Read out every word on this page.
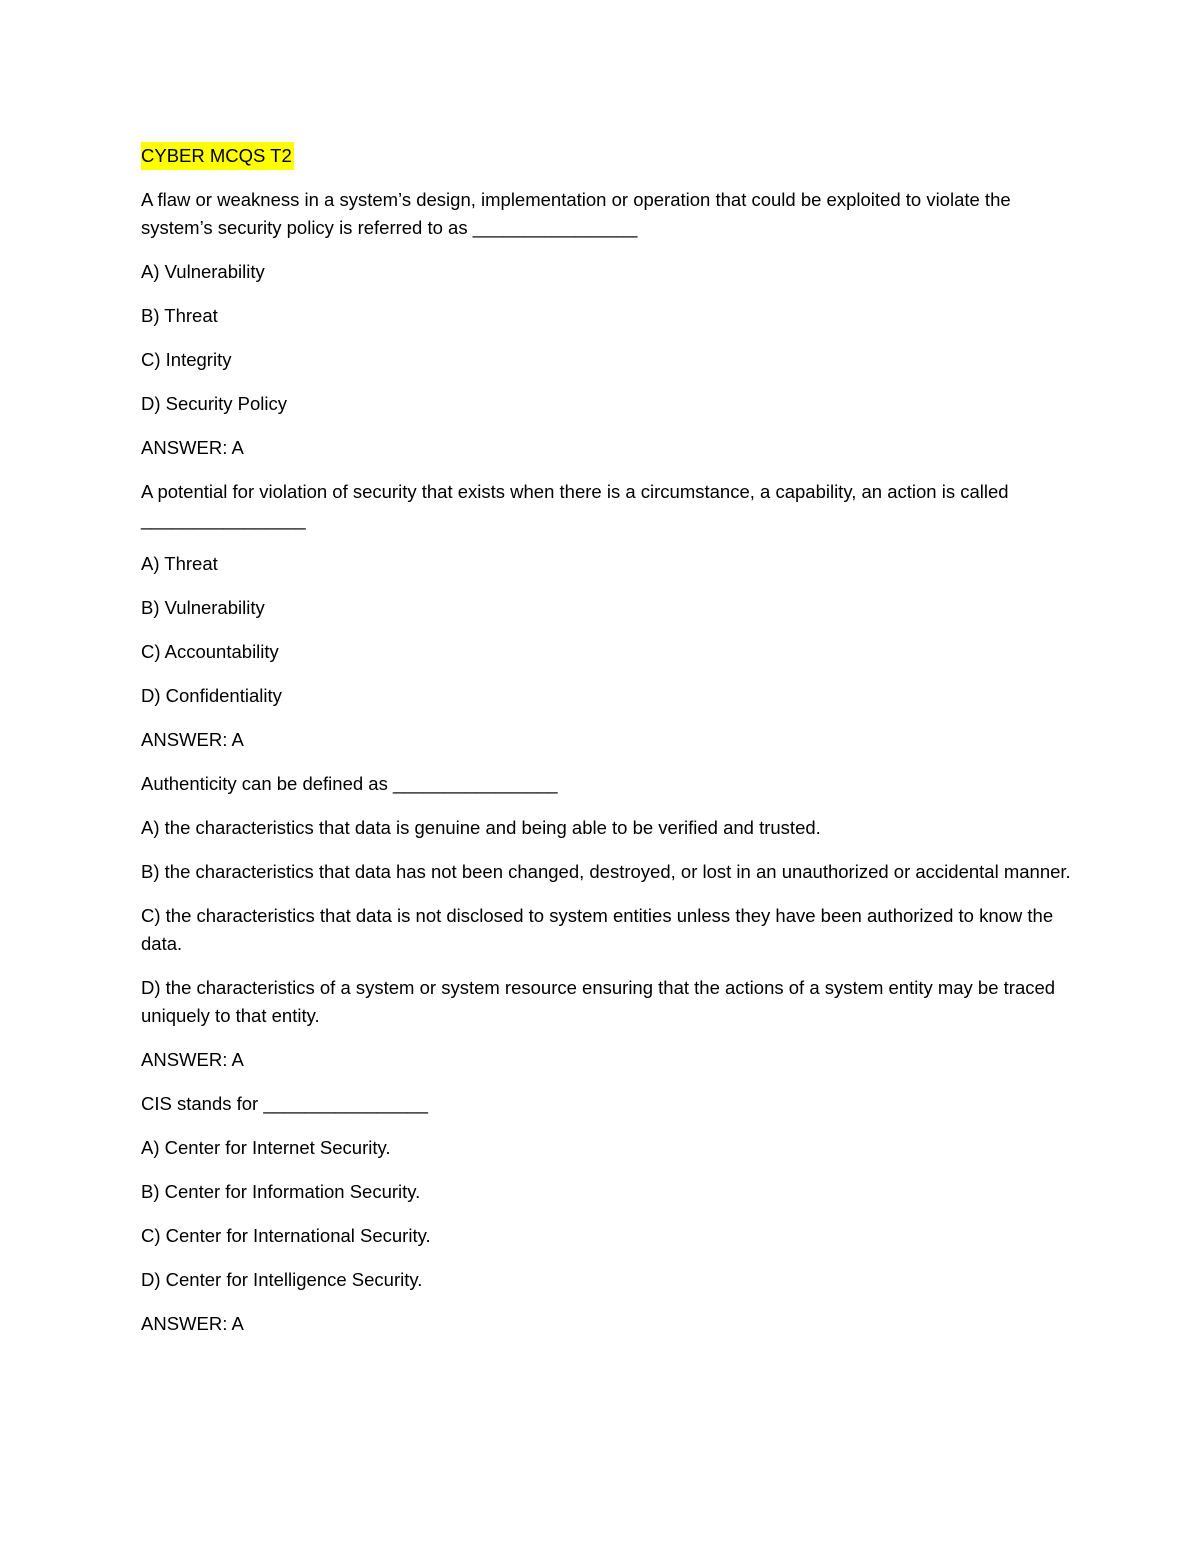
CYBER MCQS T2

A flaw or weakness in a system’s design, implementation or operation that could be exploited to violate the system’s security policy is referred to as ________________

A) Vulnerability

B) Threat

C) Integrity

D) Security Policy

ANSWER: A

A potential for violation of security that exists when there is a circumstance, a capability, an action is called ________________

A) Threat

B) Vulnerability

C) Accountability

D) Confidentiality

ANSWER: A

Authenticity can be defined as ________________

A) the characteristics that data is genuine and being able to be verified and trusted.

B) the characteristics that data has not been changed, destroyed, or lost in an unauthorized or accidental manner.

C) the characteristics that data is not disclosed to system entities unless they have been authorized to know the data.

D) the characteristics of a system or system resource ensuring that the actions of a system entity may be traced uniquely to that entity.

ANSWER: A

CIS stands for ________________

A) Center for Internet Security.

B) Center for Information Security.

C) Center for International Security.

D) Center for Intelligence Security.

ANSWER: A
